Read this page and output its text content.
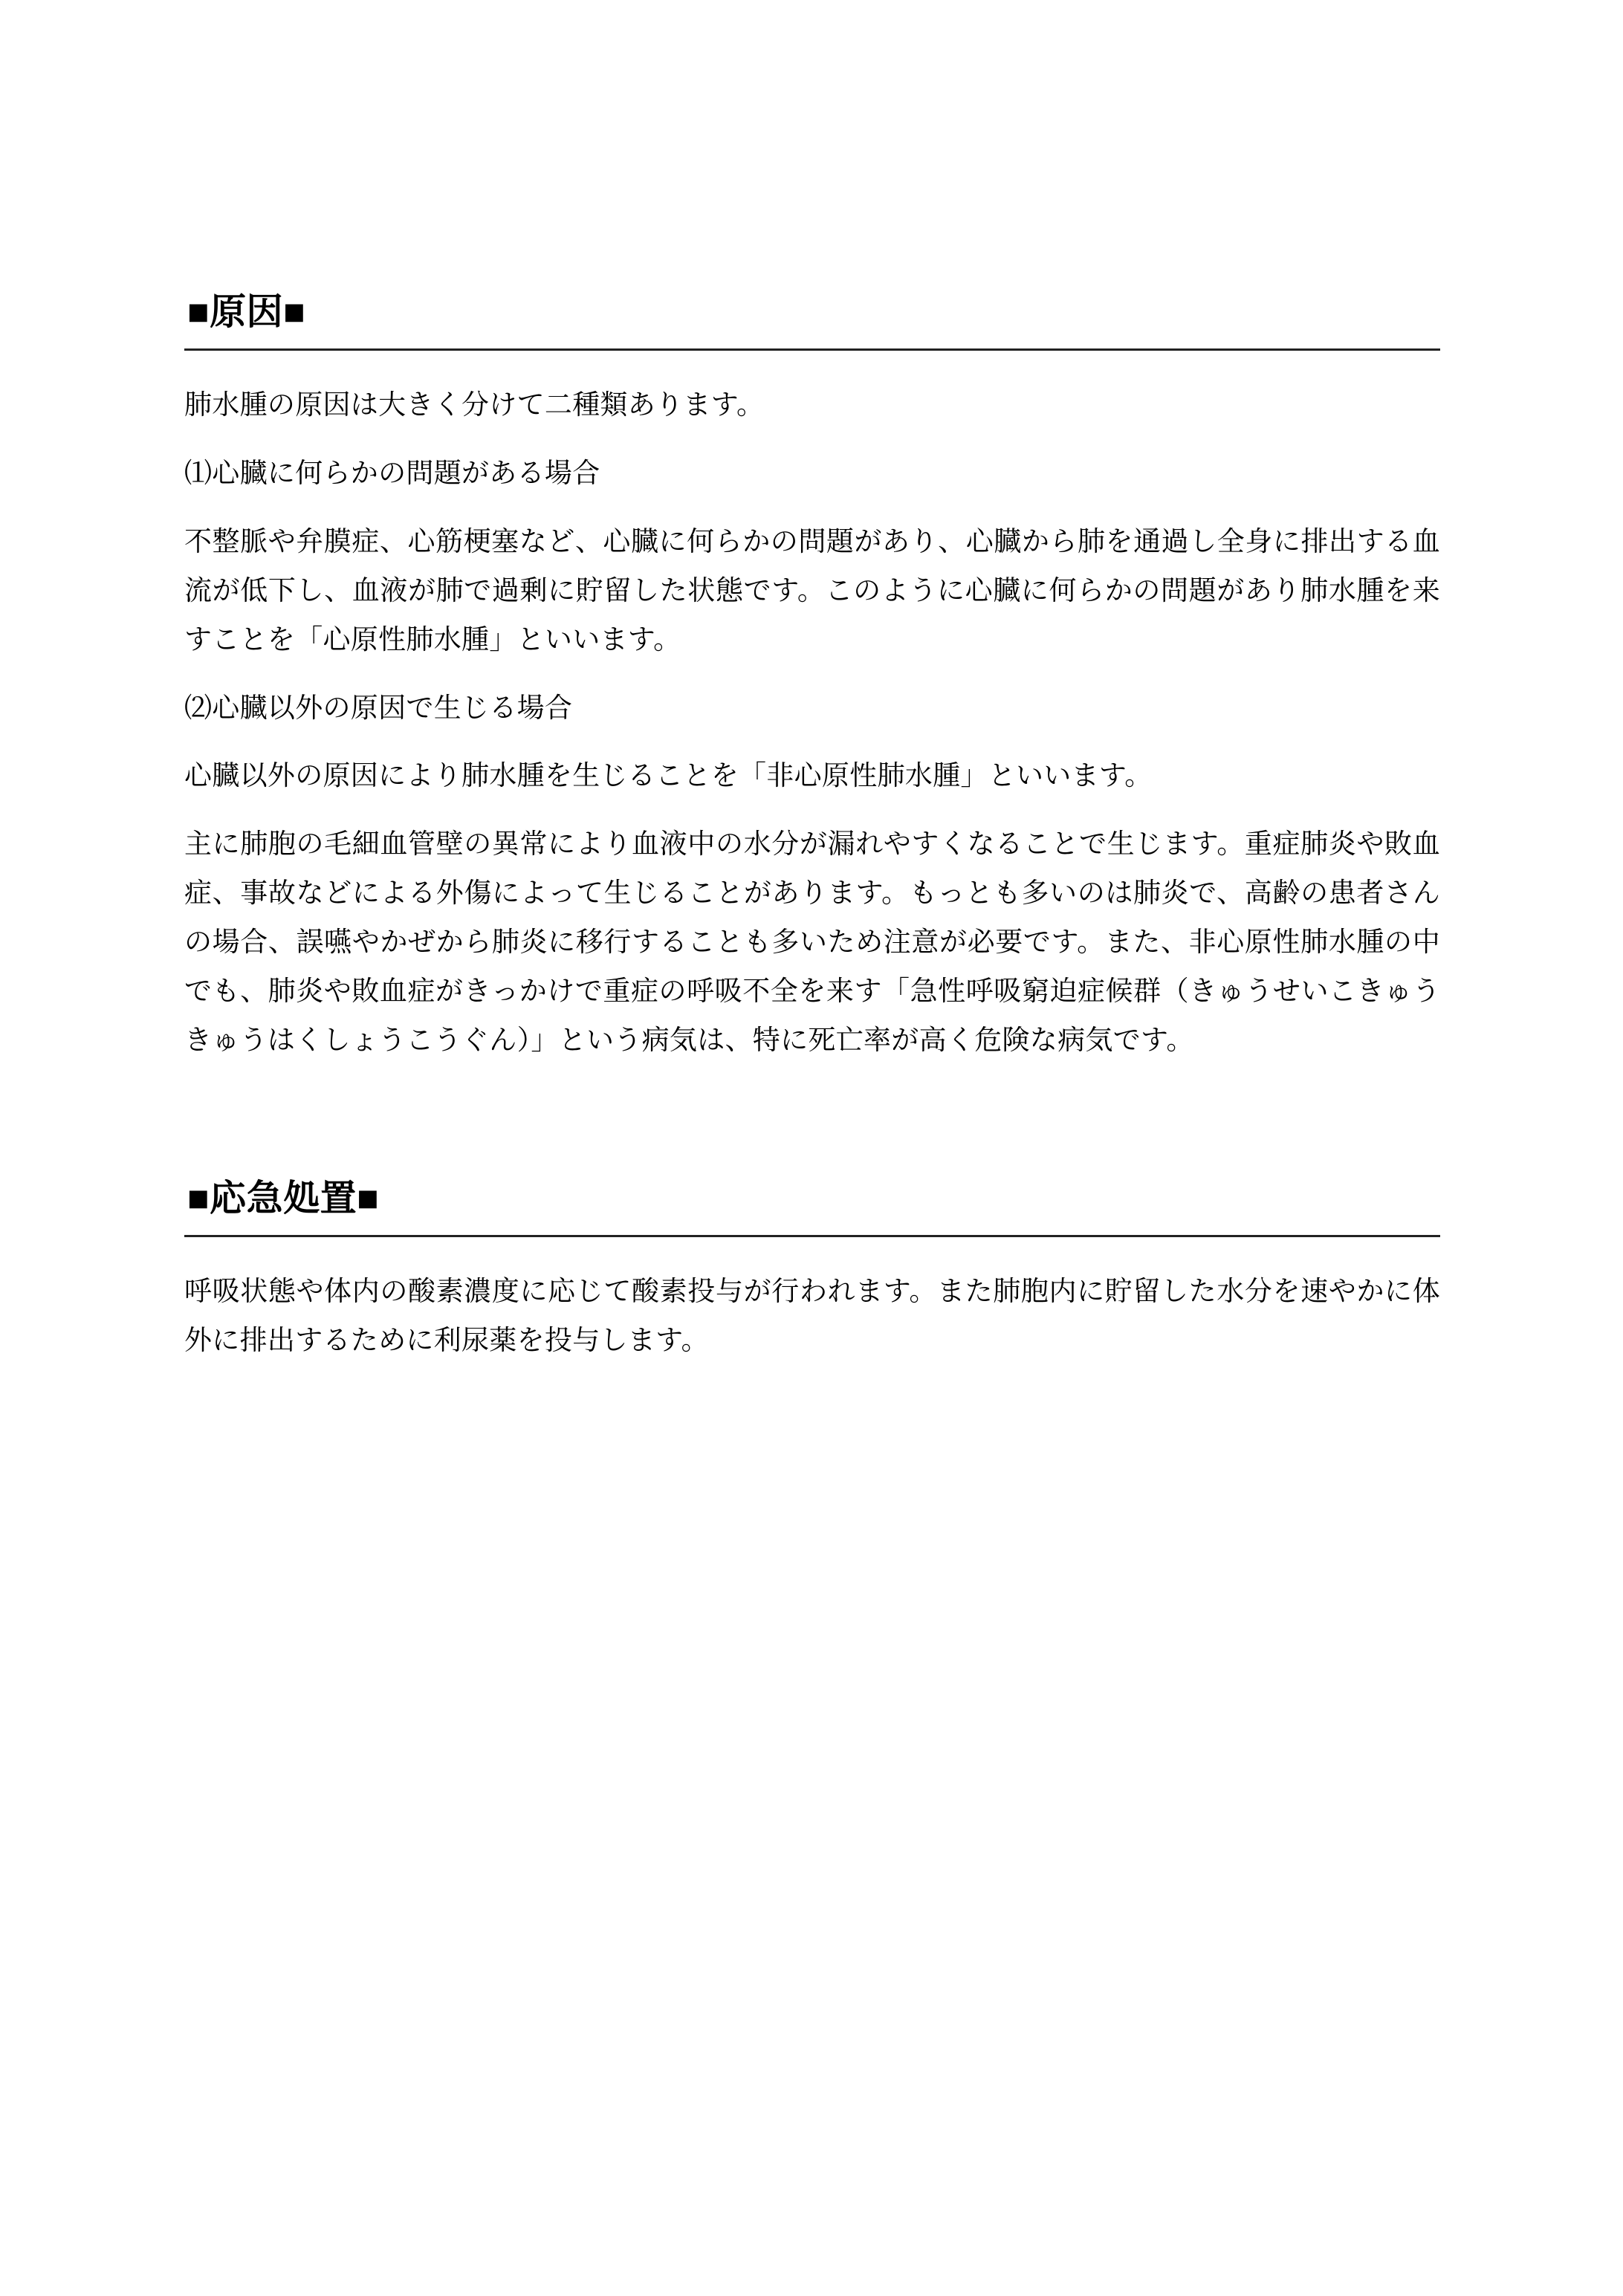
■原因■

肺水腫の原因は大きく分けて二種類あります。

⑴心臓に何らかの問題がある場合

不整脈や弁膜症、心筋梗塞など、心臓に何らかの問題があり、心臓から肺を通過し全身に排出する血流が低下し、血液が肺で過剰に貯留した状態です。このように心臓に何らかの問題があり肺水腫を来すことを「心原性肺水腫」といいます。

⑵心臓以外の原因で生じる場合

心臓以外の原因により肺水腫を生じることを「非心原性肺水腫」といいます。

主に肺胞の毛細血管壁の異常により血液中の水分が漏れやすくなることで生じます。重症肺炎や敗血症、事故などによる外傷によって生じることがあります。もっとも多いのは肺炎で、高齢の患者さんの場合、誤嚥やかぜから肺炎に移行することも多いため注意が必要です。また、非心原性肺水腫の中でも、肺炎や敗血症がきっかけで重症の呼吸不全を来す「急性呼吸窮迫症候群（きゅうせいこきゅうきゅうはくしょうこうぐん）」という病気は、特に死亡率が高く危険な病気です。

■応急処置■

呼吸状態や体内の酸素濃度に応じて酸素投与が行われます。また肺胞内に貯留した水分を速やかに体外に排出するために利尿薬を投与します。
